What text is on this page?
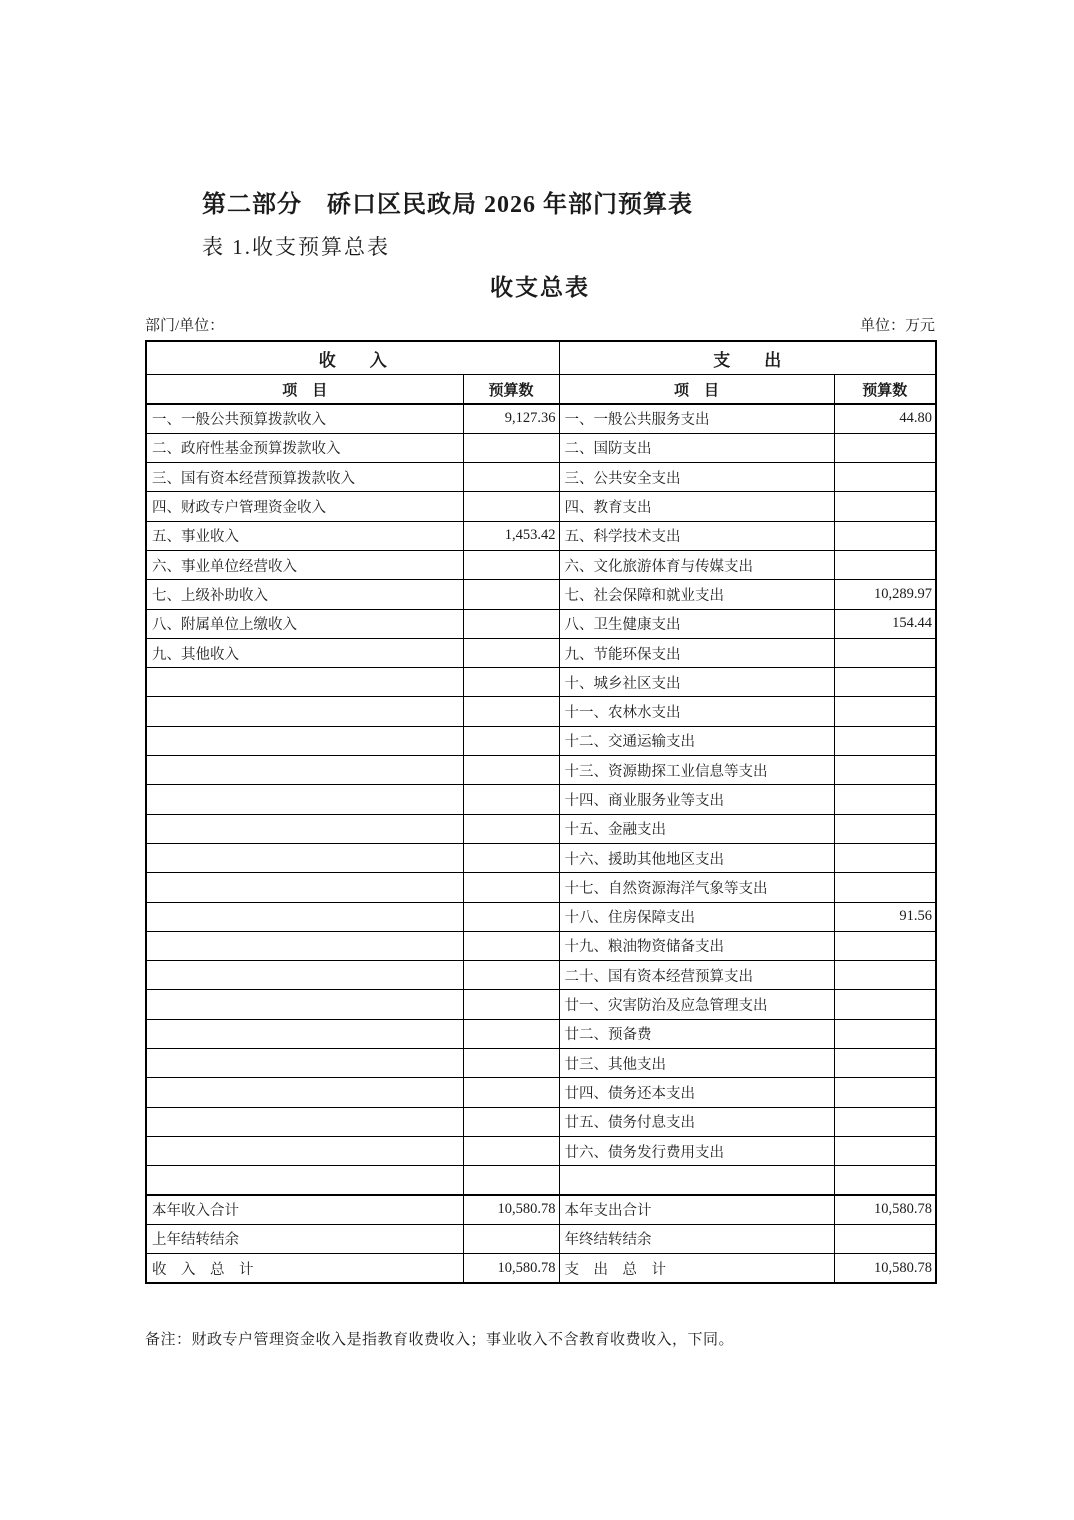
第二部分　硚口区民政局 2026 年部门预算表
表 1.收支预算总表
收支总表
部门/单位：	单位：万元
收　　入		支　　出	
项　目	预算数	项　目	预算数
一、一般公共预算拨款收入	9,127.36	一、一般公共服务支出	44.80
二、政府性基金预算拨款收入		二、国防支出	
三、国有资本经营预算拨款收入		三、公共安全支出	
四、财政专户管理资金收入		四、教育支出	
五、事业收入	1,453.42	五、科学技术支出	
六、事业单位经营收入		六、文化旅游体育与传媒支出	
七、上级补助收入		七、社会保障和就业支出	10,289.97
八、附属单位上缴收入		八、卫生健康支出	154.44
九、其他收入		九、节能环保支出	
		十、城乡社区支出	
		十一、农林水支出	
		十二、交通运输支出	
		十三、资源勘探工业信息等支出	
		十四、商业服务业等支出	
		十五、金融支出	
		十六、援助其他地区支出	
		十七、自然资源海洋气象等支出	
		十八、住房保障支出	91.56
		十九、粮油物资储备支出	
		二十、国有资本经营预算支出	
		廿一、灾害防治及应急管理支出	
		廿二、预备费	
		廿三、其他支出	
		廿四、债务还本支出	
		廿五、债务付息支出	
		廿六、债务发行费用支出	

本年收入合计	10,580.78	本年支出合计	10,580.78
上年结转结余		年终结转结余	
收　入　总　计	10,580.78	支　出　总　计	10,580.78
备注：财政专户管理资金收入是指教育收费收入；事业收入不含教育收费收入，下同。
